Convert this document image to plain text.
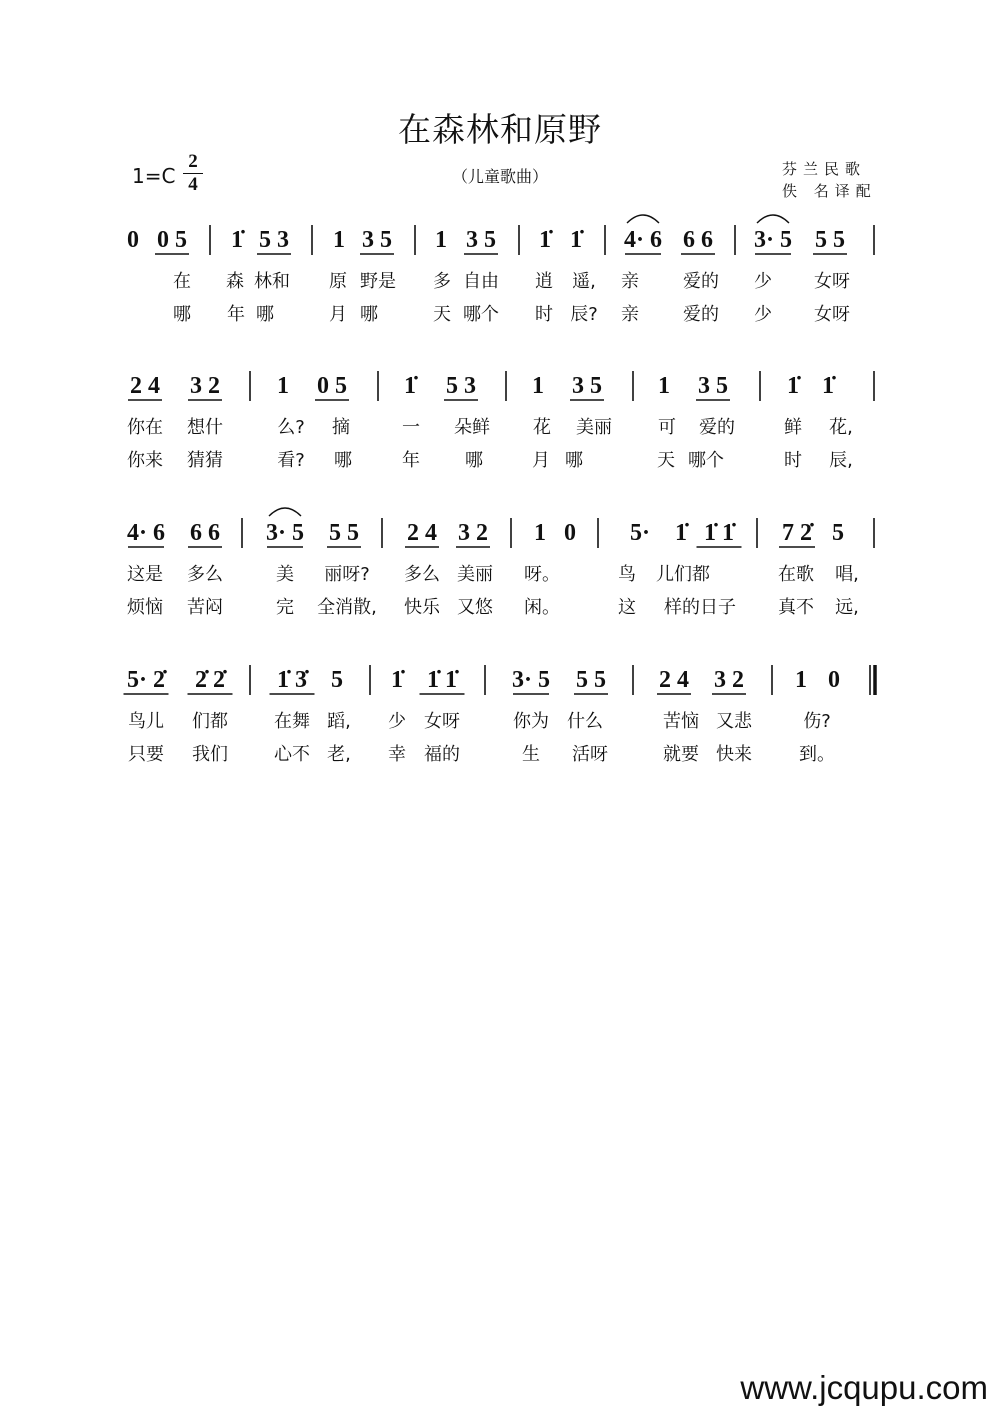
在森林和原野
（儿童歌曲）
1=C
2
4
芬兰民歌
佚 名译配
0 0 5 1̇ 5 3 1 3 5 1 3 5 1̇ 1̇ 4· 6 6 6 3· 5 5 5
在 森 林和 原 野是 多 自由 逍 遥, 亲 爱的 少 女呀
哪 年 哪	月 哪	天 哪个 时 辰? 亲 爱的 少 女呀
2 4 3 2 1 0 5 1̇ 5 3 1 3 5 1 3 5 1̇ 1̇
你在 想什	么? 摘	一 朵鲜 花 美丽	可 爱的	鲜 花,
你来 猜猜	看? 哪	年	哪	月 哪	天 哪个	时 辰,
4· 6 6 6 3· 5 5 5 2 4 3 2 1 0 5· 1̇ 1̇ 1̇ 7 2̇ 5
这是 多么	美 丽呀? 多么 美丽 呀。	鸟 儿们都	在歌 唱,
烦恼 苦闷	完 全消散, 快乐 又悠 闲。	这 样的日子 真不 远,
5· 2̇ 2̇ 2̇ 1̇ 3̇ 5 1̇ 1̇ 1̇ 3· 5 5 5 2 4 3 2 1 0
鸟儿 们都	在舞 蹈, 少 女呀	你为 什么	苦恼 又悲	伤?
只要 我们	心不 老, 幸 福的	生 活呀	就要 快来	到。
www.jcqupu.com
